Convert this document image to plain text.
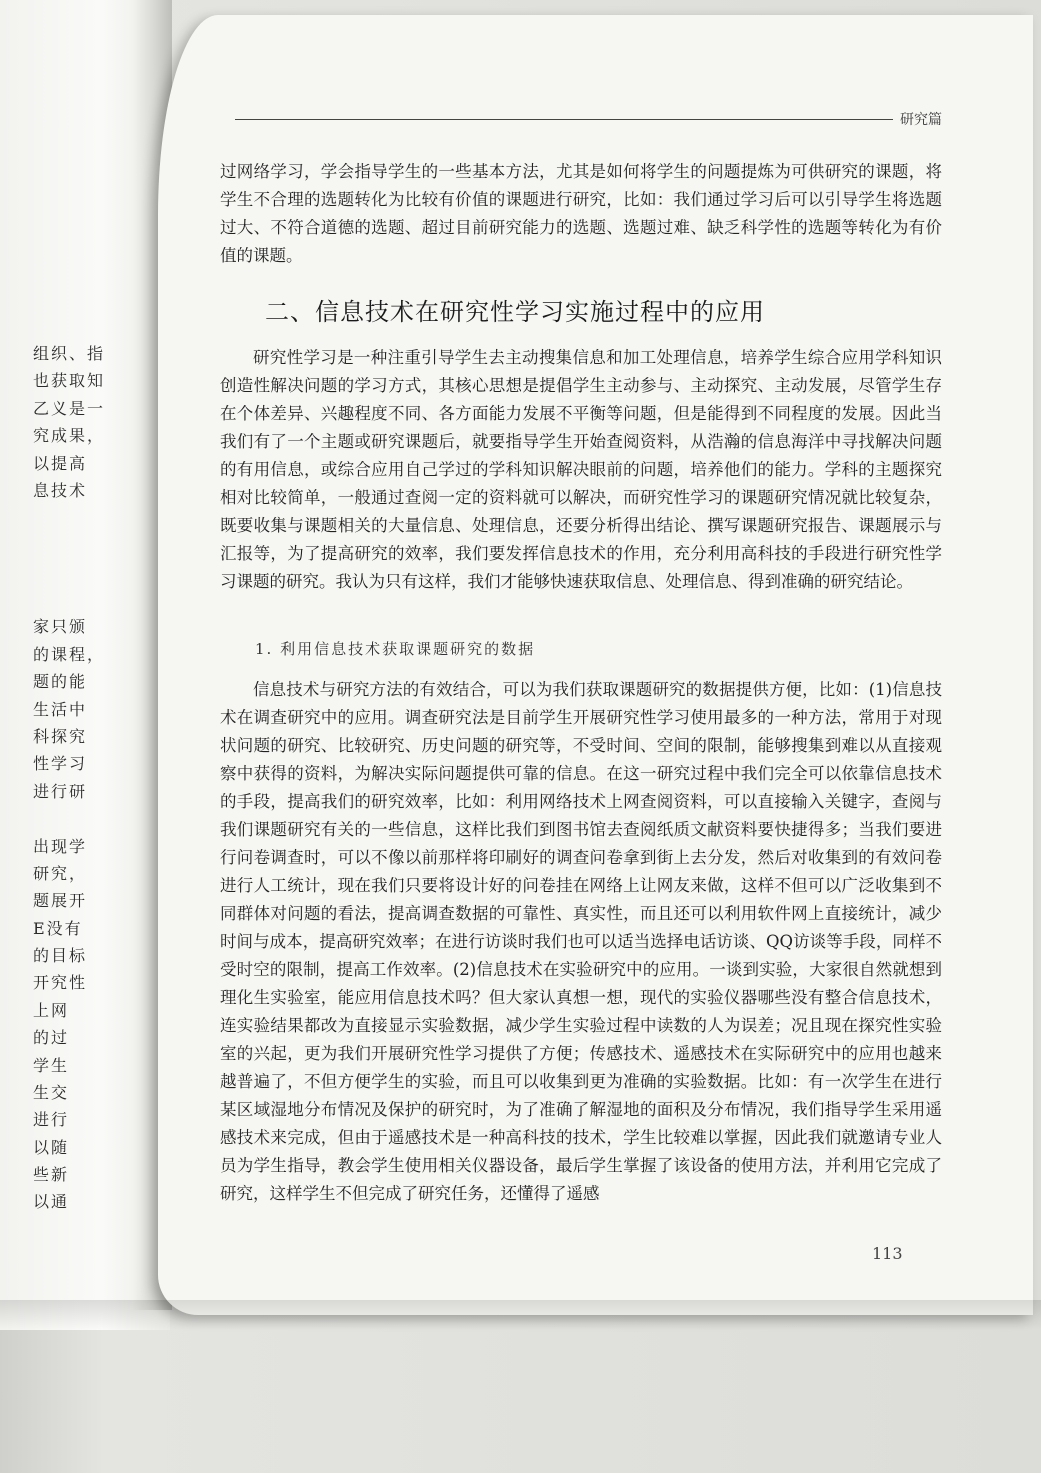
组织、指
也获取知
乙义是一
究成果，
以提高
息技术
家只颁
的课程，
题的能
生活中
科探究
性学习
进行研
出现学
研究，
题展开
E没有
的目标
开究性
上网
的过
学生
生交
进行
以随
些新
以通
研究篇

过网络学习，学会指导学生的一些基本方法，尤其是如何将学生的问题提炼为可供研究的课题，将学生不合理的选题转化为比较有价值的课题进行研究，比如：我们通过学习后可以引导学生将选题过大、不符合道德的选题、超过目前研究能力的选题、选题过难、缺乏科学性的选题等转化为有价值的课题。

二、信息技术在研究性学习实施过程中的应用

研究性学习是一种注重引导学生去主动搜集信息和加工处理信息，培养学生综合应用学科知识创造性解决问题的学习方式，其核心思想是提倡学生主动参与、主动探究、主动发展，尽管学生存在个体差异、兴趣程度不同、各方面能力发展不平衡等问题，但是能得到不同程度的发展。因此当我们有了一个主题或研究课题后，就要指导学生开始查阅资料，从浩瀚的信息海洋中寻找解决问题的有用信息，或综合应用自己学过的学科知识解决眼前的问题，培养他们的能力。学科的主题探究相对比较简单，一般通过查阅一定的资料就可以解决，而研究性学习的课题研究情况就比较复杂，既要收集与课题相关的大量信息、处理信息，还要分析得出结论、撰写课题研究报告、课题展示与汇报等，为了提高研究的效率，我们要发挥信息技术的作用，充分利用高科技的手段进行研究性学习课题的研究。我认为只有这样，我们才能够快速获取信息、处理信息、得到准确的研究结论。

1. 利用信息技术获取课题研究的数据

信息技术与研究方法的有效结合，可以为我们获取课题研究的数据提供方便，比如：(1)信息技术在调查研究中的应用。调查研究法是目前学生开展研究性学习使用最多的一种方法，常用于对现状问题的研究、比较研究、历史问题的研究等，不受时间、空间的限制，能够搜集到难以从直接观察中获得的资料，为解决实际问题提供可靠的信息。在这一研究过程中我们完全可以依靠信息技术的手段，提高我们的研究效率，比如：利用网络技术上网查阅资料，可以直接输入关键字，查阅与我们课题研究有关的一些信息，这样比我们到图书馆去查阅纸质文献资料要快捷得多；当我们要进行问卷调查时，可以不像以前那样将印刷好的调查问卷拿到街上去分发，然后对收集到的有效问卷进行人工统计，现在我们只要将设计好的问卷挂在网络上让网友来做，这样不但可以广泛收集到不同群体对问题的看法，提高调查数据的可靠性、真实性，而且还可以利用软件网上直接统计，减少时间与成本，提高研究效率；在进行访谈时我们也可以适当选择电话访谈、QQ访谈等手段，同样不受时空的限制，提高工作效率。(2)信息技术在实验研究中的应用。一谈到实验，大家很自然就想到理化生实验室，能应用信息技术吗？但大家认真想一想，现代的实验仪器哪些没有整合信息技术，连实验结果都改为直接显示实验数据，减少学生实验过程中读数的人为误差；况且现在探究性实验室的兴起，更为我们开展研究性学习提供了方便；传感技术、遥感技术在实际研究中的应用也越来越普遍了，不但方便学生的实验，而且可以收集到更为准确的实验数据。比如：有一次学生在进行某区域湿地分布情况及保护的研究时，为了准确了解湿地的面积及分布情况，我们指导学生采用遥感技术来完成，但由于遥感技术是一种高科技的技术，学生比较难以掌握，因此我们就邀请专业人员为学生指导，教会学生使用相关仪器设备，最后学生掌握了该设备的使用方法，并利用它完成了研究，这样学生不但完成了研究任务，还懂得了遥感

113
